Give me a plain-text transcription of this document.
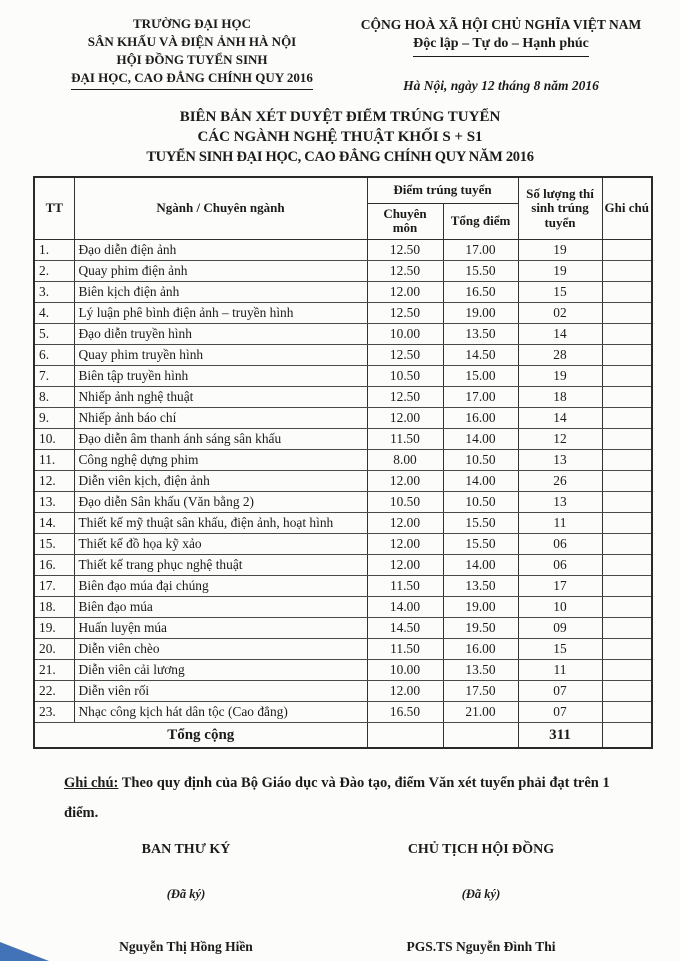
TRƯỜNG ĐẠI HỌC
SÂN KHẤU VÀ ĐIỆN ẢNH HÀ NỘI
HỘI ĐỒNG TUYỂN SINH
ĐẠI HỌC, CAO ĐẲNG CHÍNH QUY 2016
CỘNG HOÀ XÃ HỘI CHỦ NGHĨA VIỆT NAM
Độc lập – Tự do – Hạnh phúc
Hà Nội, ngày 12 tháng 8 năm 2016
BIÊN BẢN XÉT DUYỆT ĐIỂM TRÚNG TUYỂN
CÁC NGÀNH NGHỆ THUẬT KHỐI S + S1
TUYỂN SINH ĐẠI HỌC, CAO ĐẲNG CHÍNH QUY NĂM 2016
TT	Ngành / Chuyên ngành	Điểm trúng tuyển		Số lượng thí sinh trúng tuyển	Ghi chú
		Chuyên môn	Tổng điểm		
1.	Đạo diễn điện ảnh	12.50	17.00	19	
2.	Quay phim điện ảnh	12.50	15.50	19	
3.	Biên kịch điện ảnh	12.00	16.50	15	
4.	Lý luận phê bình điện ảnh – truyền hình	12.50	19.00	02	
5.	Đạo diễn truyền hình	10.00	13.50	14	
6.	Quay phim truyền hình	12.50	14.50	28	
7.	Biên tập truyền hình	10.50	15.00	19	
8.	Nhiếp ảnh nghệ thuật	12.50	17.00	18	
9.	Nhiếp ảnh báo chí	12.00	16.00	14	
10.	Đạo diễn âm thanh ánh sáng sân khấu	11.50	14.00	12	
11.	Công nghệ dựng phim	8.00	10.50	13	
12.	Diễn viên kịch, điện ảnh	12.00	14.00	26	
13.	Đạo diễn Sân khấu (Văn bằng 2)	10.50	10.50	13	
14.	Thiết kế mỹ thuật sân khấu, điện ảnh, hoạt hình	12.00	15.50	11	
15.	Thiết kế đồ họa kỹ xảo	12.00	15.50	06	
16.	Thiết kế trang phục nghệ thuật	12.00	14.00	06	
17.	Biên đạo múa đại chúng	11.50	13.50	17	
18.	Biên đạo múa	14.00	19.00	10	
19.	Huấn luyện múa	14.50	19.50	09	
20.	Diễn viên chèo	11.50	16.00	15	
21.	Diễn viên cải lương	10.00	13.50	11	
22.	Diễn viên rối	12.00	17.50	07	
23.	Nhạc công kịch hát dân tộc (Cao đẳng)	16.50	21.00	07	
Tổng cộng				311	
Ghi chú: Theo quy định của Bộ Giáo dục và Đào tạo, điểm Văn xét tuyển phải đạt trên 1 điểm.
BAN THƯ KÝ
(Đã ký)
Nguyễn Thị Hồng Hiền
CHỦ TỊCH HỘI ĐỒNG
(Đã ký)
PGS.TS Nguyễn Đình Thi
